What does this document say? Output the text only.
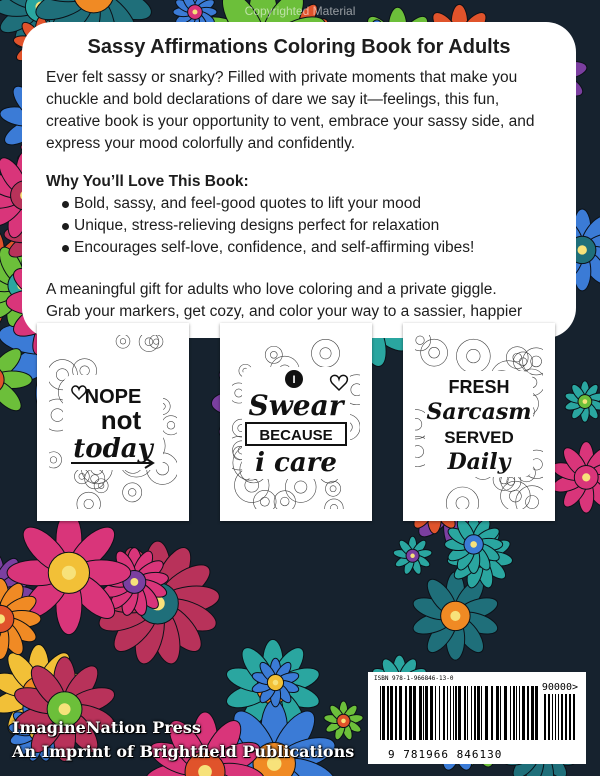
Copyrighted Material
Sassy Affirmations Coloring Book for Adults

Ever felt sassy or snarky? Filled with private moments that make you chuckle and bold declarations of dare we say it—feelings, this fun, creative book is your opportunity to vent, embrace your sassy side, and express your mood colorfully and confidently.

Why You’ll Love This Book:
Bold, sassy, and feel-good quotes to lift your mood
Unique, stress-relieving designs perfect for relaxation
Encourages self-love, confidence, and self-affirming vibes!

A meaningful gift for adults who love coloring and a private giggle.

Grab your markers, get cozy, and color your way to a sassier, happier

NOPE
not
today
I
Swear
BECAUSE
i care
FRESH
Sarcasm
SERVED
Daily
ImagineNation Press
An Imprint of Brightfield Publications
ISBN 978-1-966846-13-0
90000>
9 781966 846130
